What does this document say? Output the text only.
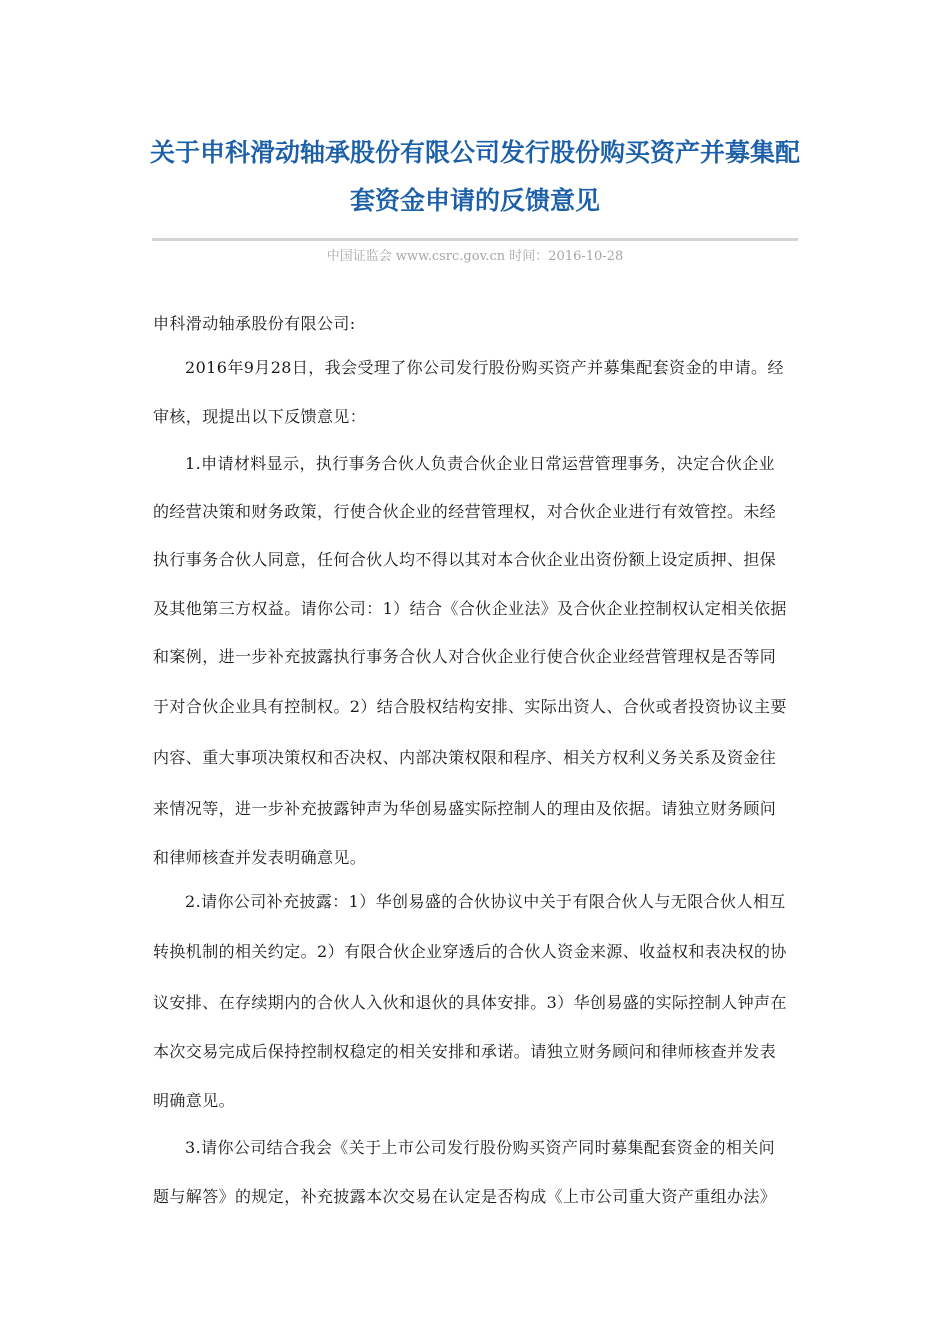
关于申科滑动轴承股份有限公司发行股份购买资产并募集配
套资金申请的反馈意见
中国证监会 www.csrc.gov.cn 时间：2016-10-28
申科滑动轴承股份有限公司:
2016年9月28日，我会受理了你公司发行股份购买资产并募集配套资金的申请。经
审核，现提出以下反馈意见：
1.申请材料显示，执行事务合伙人负责合伙企业日常运营管理事务，决定合伙企业
的经营决策和财务政策，行使合伙企业的经营管理权，对合伙企业进行有效管控。未经
执行事务合伙人同意，任何合伙人均不得以其对本合伙企业出资份额上设定质押、担保
及其他第三方权益。请你公司：1）结合《合伙企业法》及合伙企业控制权认定相关依据
和案例，进一步补充披露执行事务合伙人对合伙企业行使合伙企业经营管理权是否等同
于对合伙企业具有控制权。2）结合股权结构安排、实际出资人、合伙或者投资协议主要
内容、重大事项决策权和否决权、内部决策权限和程序、相关方权利义务关系及资金往
来情况等，进一步补充披露钟声为华创易盛实际控制人的理由及依据。请独立财务顾问
和律师核查并发表明确意见。
2.请你公司补充披露：1）华创易盛的合伙协议中关于有限合伙人与无限合伙人相互
转换机制的相关约定。2）有限合伙企业穿透后的合伙人资金来源、收益权和表决权的协
议安排、在存续期内的合伙人入伙和退伙的具体安排。3）华创易盛的实际控制人钟声在
本次交易完成后保持控制权稳定的相关安排和承诺。请独立财务顾问和律师核查并发表
明确意见。
3.请你公司结合我会《关于上市公司发行股份购买资产同时募集配套资金的相关问
题与解答》的规定，补充披露本次交易在认定是否构成《上市公司重大资产重组办法》
